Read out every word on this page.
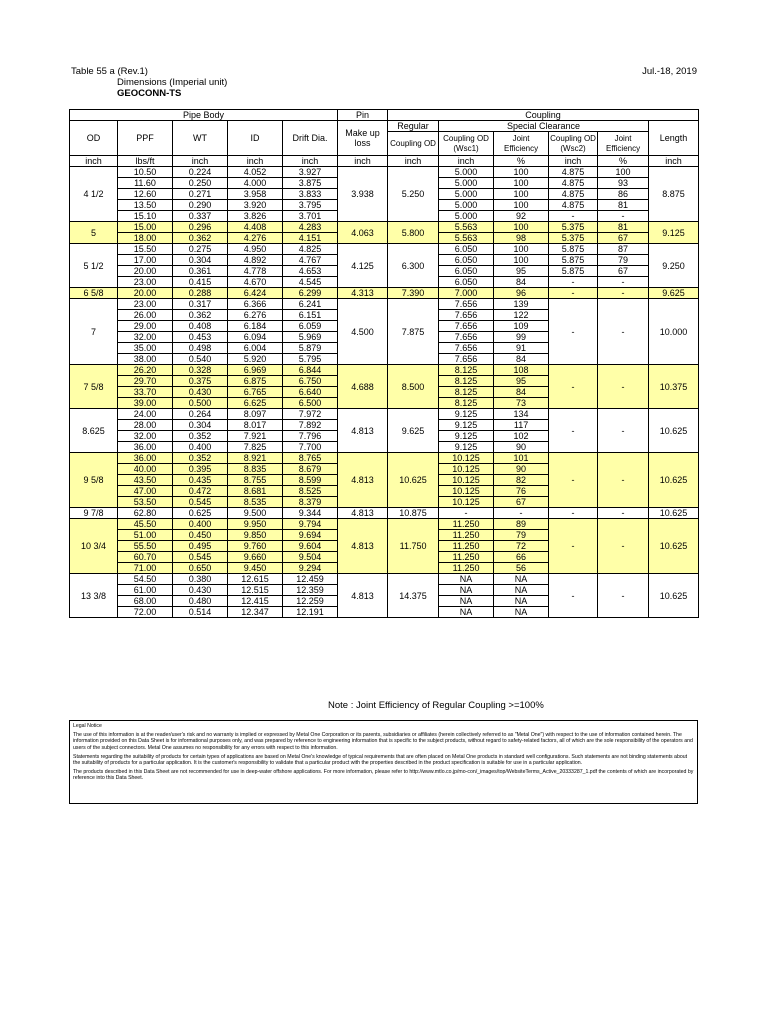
Table 55 a (Rev.1)
Dimensions (Imperial unit)
GEOCONN-TS
Jul.-18, 2019
Pipe Body					Pin	Coupling					
OD	PPF	WT	ID	Drift Dia.	Make up loss	Regular	Special Clearance				Length
						Coupling OD	Coupling OD (Wsc1)	Joint Efficiency	Coupling OD (Wsc2)	Joint Efficiency	
inch	lbs/ft	inch	inch	inch	inch	inch	inch	%	inch	%	inch
4 1/2	10.50	0.224	4.052	3.927	3.938	5.250	5.000	100	4.875	100	8.875
	11.60	0.250	4.000	3.875			5.000	100	4.875	93	
	12.60	0.271	3.958	3.833			5.000	100	4.875	86	
	13.50	0.290	3.920	3.795			5.000	100	4.875	81	
	15.10	0.337	3.826	3.701			5.000	92	-	-	
5	15.00	0.296	4.408	4.283	4.063	5.800	5.563	100	5.375	81	9.125
	18.00	0.362	4.276	4.151			5.563	98	5.375	67	
5 1/2	15.50	0.275	4.950	4.825	4.125	6.300	6.050	100	5.875	87	9.250
	17.00	0.304	4.892	4.767			6.050	100	5.875	79	
	20.00	0.361	4.778	4.653			6.050	95	5.875	67	
	23.00	0.415	4.670	4.545			6.050	84	-	-	
6 5/8	20.00	0.288	6.424	6.299	4.313	7.390	7.000	96	-	-	9.625
7	23.00	0.317	6.366	6.241	4.500	7.875	7.656	139	-	-	10.000
	26.00	0.362	6.276	6.151			7.656	122			
	29.00	0.408	6.184	6.059			7.656	109			
	32.00	0.453	6.094	5.969			7.656	99			
	35.00	0.498	6.004	5.879			7.656	91			
	38.00	0.540	5.920	5.795			7.656	84			
7 5/8	26.20	0.328	6.969	6.844	4.688	8.500	8.125	108	-	-	10.375
	29.70	0.375	6.875	6.750			8.125	95			
	33.70	0.430	6.765	6.640			8.125	84			
	39.00	0.500	6.625	6.500			8.125	73			
8.625	24.00	0.264	8.097	7.972	4.813	9.625	9.125	134	-	-	10.625
	28.00	0.304	8.017	7.892			9.125	117			
	32.00	0.352	7.921	7.796			9.125	102			
	36.00	0.400	7.825	7.700			9.125	90			
9 5/8	36.00	0.352	8.921	8.765	4.813	10.625	10.125	101	-	-	10.625
	40.00	0.395	8.835	8.679			10.125	90			
	43.50	0.435	8.755	8.599			10.125	82			
	47.00	0.472	8.681	8.525			10.125	76			
	53.50	0.545	8.535	8.379			10.125	67			
9 7/8	62.80	0.625	9.500	9.344	4.813	10.875	-	-	-	-	10.625
10 3/4	45.50	0.400	9.950	9.794	4.813	11.750	11.250	89	-	-	10.625
	51.00	0.450	9.850	9.694			11.250	79			
	55.50	0.495	9.760	9.604			11.250	72			
	60.70	0.545	9.660	9.504			11.250	66			
	71.00	0.650	9.450	9.294			11.250	56			
13 3/8	54.50	0.380	12.615	12.459	4.813	14.375	NA	NA	-	-	10.625
	61.00	0.430	12.515	12.359			NA	NA			
	68.00	0.480	12.415	12.259			NA	NA			
	72.00	0.514	12.347	12.191			NA	NA			
Note : Joint Efficiency of Regular Coupling >=100%

Legal Notice

The use of this information is at the reader/user's risk and no warranty is implied or expressed by Metal One Corporation or its parents, subsidiaries or affiliates (herein collectively referred to as "Metal One") with respect to the use of information contained herein. The information provided on this Data Sheet is for informational purposes only, and was prepared by reference to engineering information that is specific to the subject products, without regard to safety-related factors, all of which are the sole responsibility of the operators and users of the subject connectors. Metal One assumes no responsibility for any errors with respect to this information.

Statements regarding the suitability of products for certain types of applications are based on Metal One's knowledge of typical requirements that are often placed on Metal One products in standard well configurations. Such statements are not binding statements about the suitability of products for a particular application. It is the customer's responsibility to validate that a particular product with the properties described in the product specification is suitable for use in a particular application.

The products described in this Data Sheet are not recommended for use in deep-water offshore applications. For more information, please refer to http://www.mtlo.co.jp/mo-con/_images/top/WebsiteTerms_Active_20333287_1.pdf the contents of which are incorporated by reference into this Data Sheet.
